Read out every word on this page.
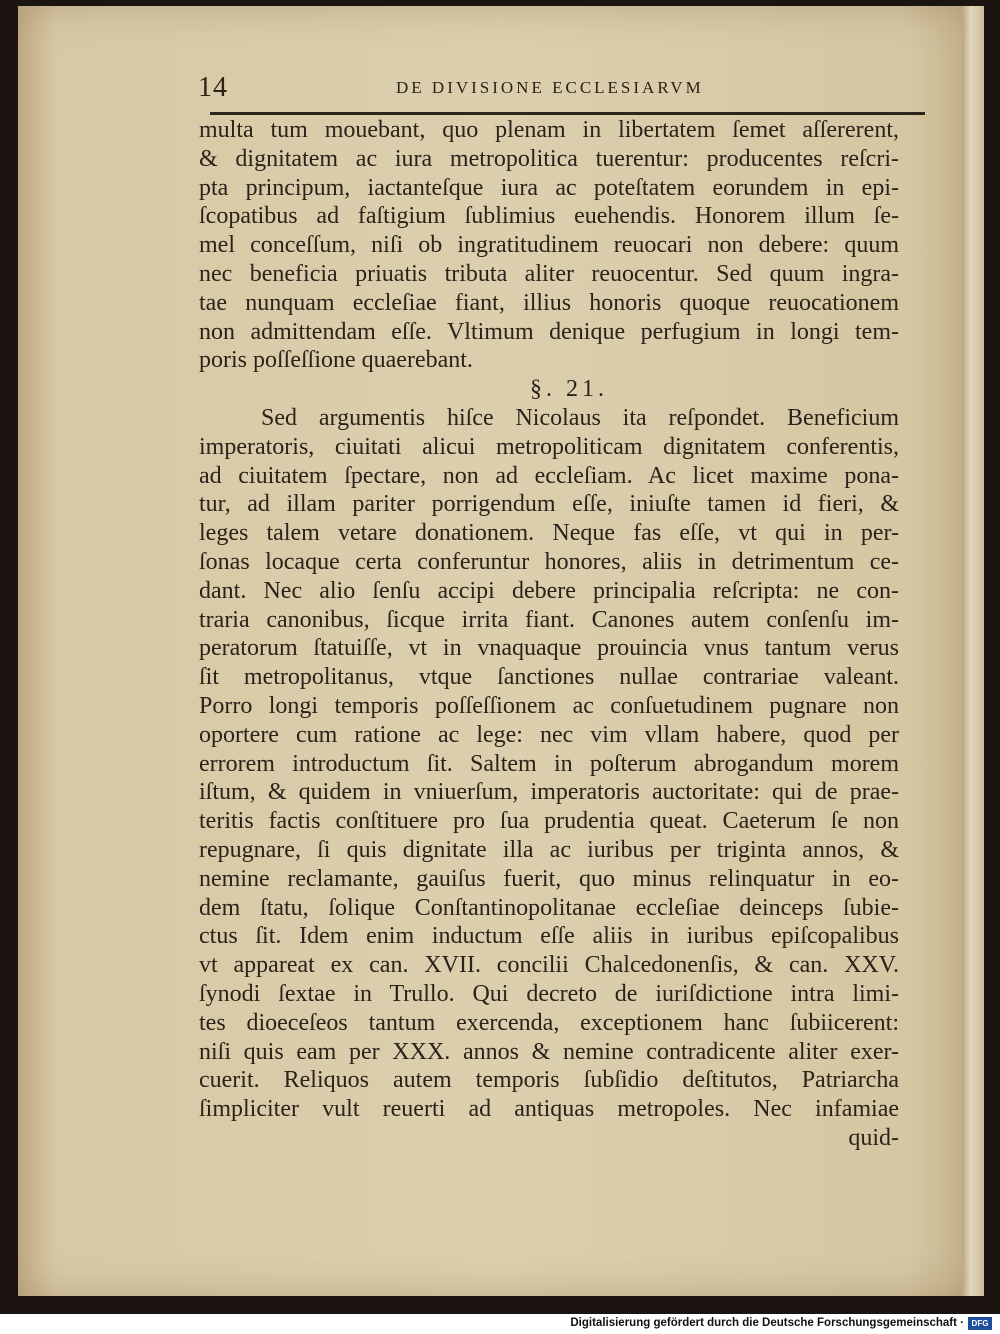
14	DE DIVISIONE ECCLESIARVM
multa tum mouebant, quo plenam in libertatem ſemet aſſererent,
& dignitatem ac iura metropolitica tuerentur: producentes reſcri-
pta principum, iactanteſque iura ac poteſtatem eorundem in epi-
ſcopatibus ad faſtigium ſublimius euehendis. Honorem illum ſe-
mel conceſſum, niſi ob ingratitudinem reuocari non debere: quum
nec beneficia priuatis tributa aliter reuocentur. Sed quum ingra-
tae nunquam eccleſiae fiant, illius honoris quoque reuocationem
non admittendam eſſe. Vltimum denique perfugium in longi tem-
poris poſſeſſione quaerebant.
§. 21.
Sed argumentis hiſce Nicolaus ita reſpondet. Beneficium
imperatoris, ciuitati alicui metropoliticam dignitatem conferentis,
ad ciuitatem ſpectare, non ad eccleſiam. Ac licet maxime pona-
tur, ad illam pariter porrigendum eſſe, iniuſte tamen id fieri, &
leges talem vetare donationem. Neque fas eſſe, vt qui in per-
ſonas locaque certa conferuntur honores, aliis in detrimentum ce-
dant. Nec alio ſenſu accipi debere principalia reſcripta: ne con-
traria canonibus, ſicque irrita fiant. Canones autem conſenſu im-
peratorum ſtatuiſſe, vt in vnaquaque prouincia vnus tantum verus
ſit metropolitanus, vtque ſanctiones nullae contrariae valeant.
Porro longi temporis poſſeſſionem ac conſuetudinem pugnare non
oportere cum ratione ac lege: nec vim vllam habere, quod per
errorem introductum ſit. Saltem in poſterum abrogandum morem
iſtum, & quidem in vniuerſum, imperatoris auctoritate: qui de prae-
teritis factis conſtituere pro ſua prudentia queat. Caeterum ſe non
repugnare, ſi quis dignitate illa ac iuribus per triginta annos, &
nemine reclamante, gauiſus fuerit, quo minus relinquatur in eo-
dem ſtatu, ſolique Conſtantinopolitanae eccleſiae deinceps ſubie-
ctus ſit. Idem enim inductum eſſe aliis in iuribus epiſcopalibus
vt appareat ex can. XVII. concilii Chalcedonenſis, & can. XXV.
ſynodi ſextae in Trullo. Qui decreto de iuriſdictione intra limi-
tes dioeceſeos tantum exercenda, exceptionem hanc ſubiicerent:
niſi quis eam per XXX. annos & nemine contradicente aliter exer-
cuerit. Reliquos autem temporis ſubſidio deſtitutos, Patriarcha
ſimpliciter vult reuerti ad antiquas metropoles. Nec infamiae
quid-
Digitalisierung gefördert durch die Deutsche Forschungsgemeinschaft · DFG
